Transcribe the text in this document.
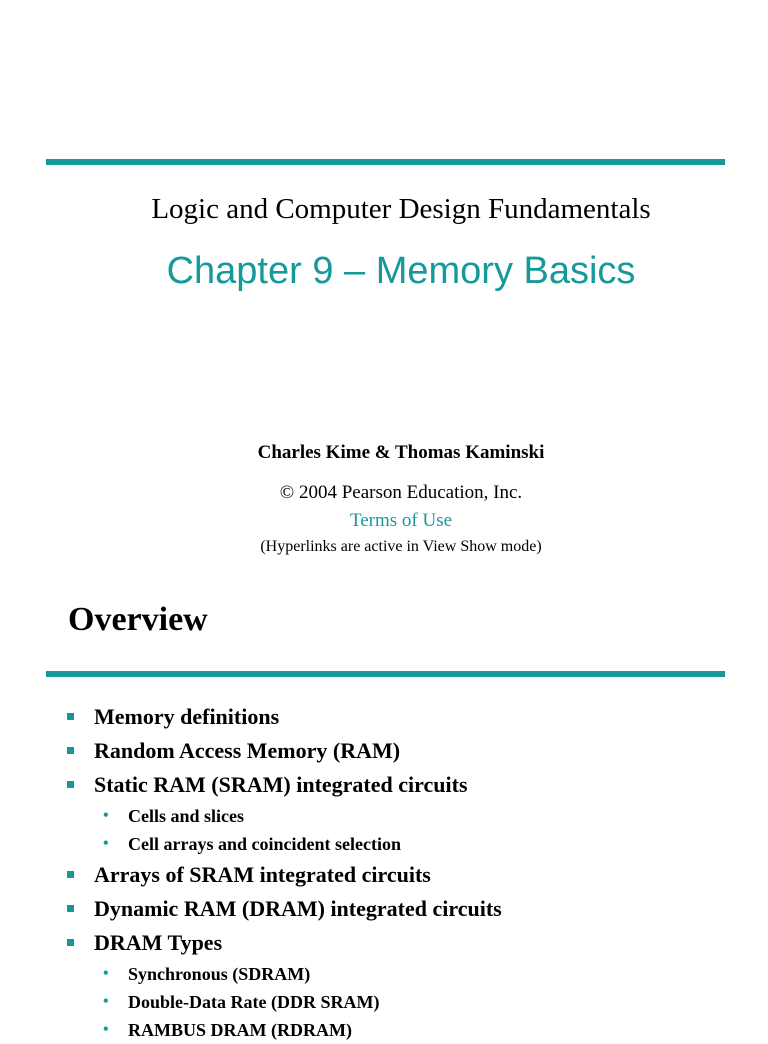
Logic and Computer Design Fundamentals
Chapter 9 – Memory Basics
Charles Kime & Thomas Kaminski
© 2004 Pearson Education, Inc.
Terms of Use
(Hyperlinks are active in View Show mode)
Overview
Memory definitions
Random Access Memory (RAM)
Static RAM (SRAM) integrated circuits
• Cells and slices
• Cell arrays and coincident selection
Arrays of SRAM integrated circuits
Dynamic RAM (DRAM) integrated circuits
DRAM Types
• Synchronous (SDRAM)
• Double-Data Rate (DDR SRAM)
• RAMBUS DRAM (RDRAM)
